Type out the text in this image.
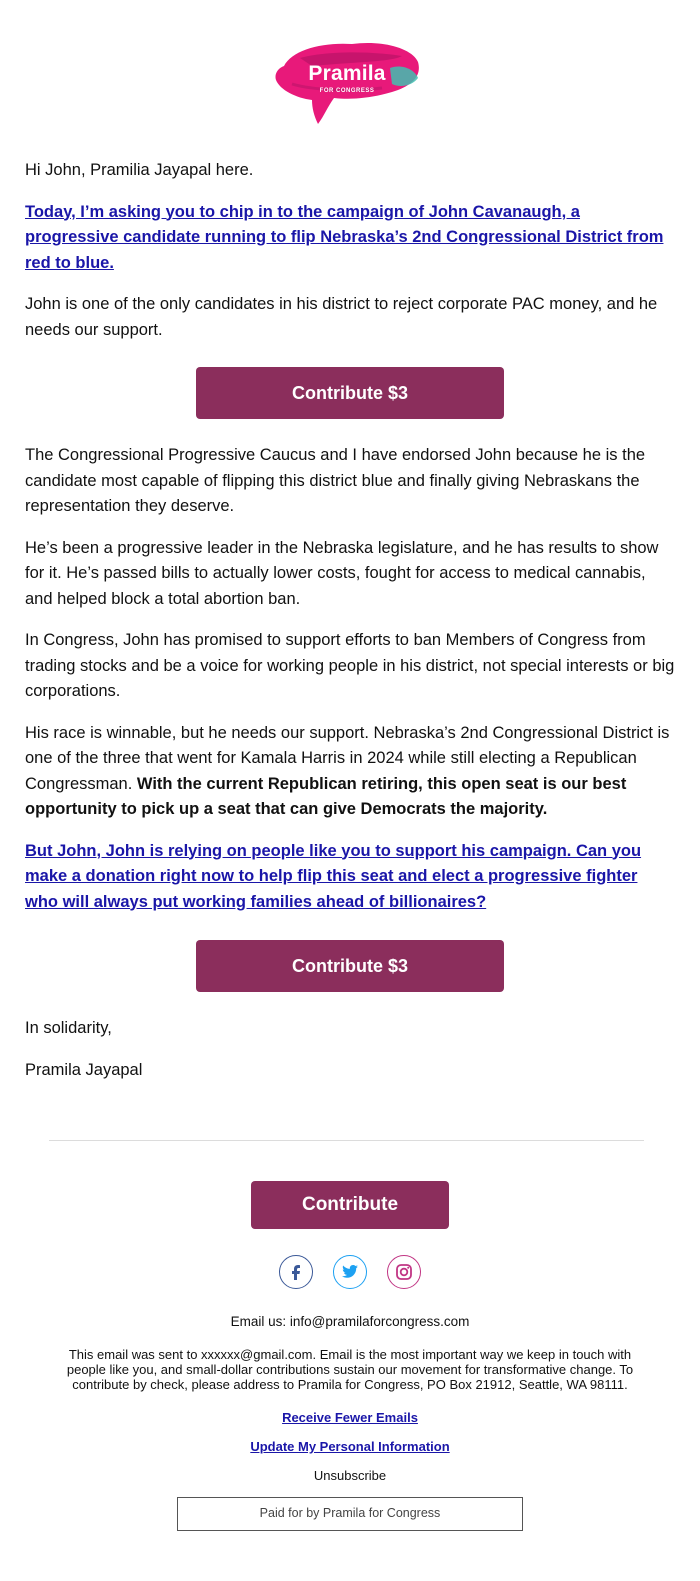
Pramila
FOR CONGRESS

Hi John, Pramilia Jayapal here.

Today, I’m asking you to chip in to the campaign of John Cavanaugh, a progressive candidate running to flip Nebraska’s 2nd Congressional District from red to blue.

John is one of the only candidates in his district to reject corporate PAC money, and he needs our support.

Contribute $3

The Congressional Progressive Caucus and I have endorsed John because he is the candidate most capable of flipping this district blue and finally giving Nebraskans the representation they deserve.

He’s been a progressive leader in the Nebraska legislature, and he has results to show for it. He’s passed bills to actually lower costs, fought for access to medical cannabis, and helped block a total abortion ban.

In Congress, John has promised to support efforts to ban Members of Congress from trading stocks and be a voice for working people in his district, not special interests or big corporations.

His race is winnable, but he needs our support. Nebraska’s 2nd Congressional District is one of the three that went for Kamala Harris in 2024 while still electing a Republican Congressman. With the current Republican retiring, this open seat is our best opportunity to pick up a seat that can give Democrats the majority.

But John, John is relying on people like you to support his campaign. Can you make a donation right now to help flip this seat and elect a progressive fighter who will always put working families ahead of billionaires?

Contribute $3

In solidarity,

Pramila Jayapal

Contribute
Email us: info@pramilaforcongress.com
This email was sent to xxxxxx@gmail.com. Email is the most important way we keep in touch with people like you, and small-dollar contributions sustain our movement for transformative change. To contribute by check, please address to Pramila for Congress, PO Box 21912, Seattle, WA 98111.
Receive Fewer Emails
Update My Personal Information
Unsubscribe
Paid for by Pramila for Congress
